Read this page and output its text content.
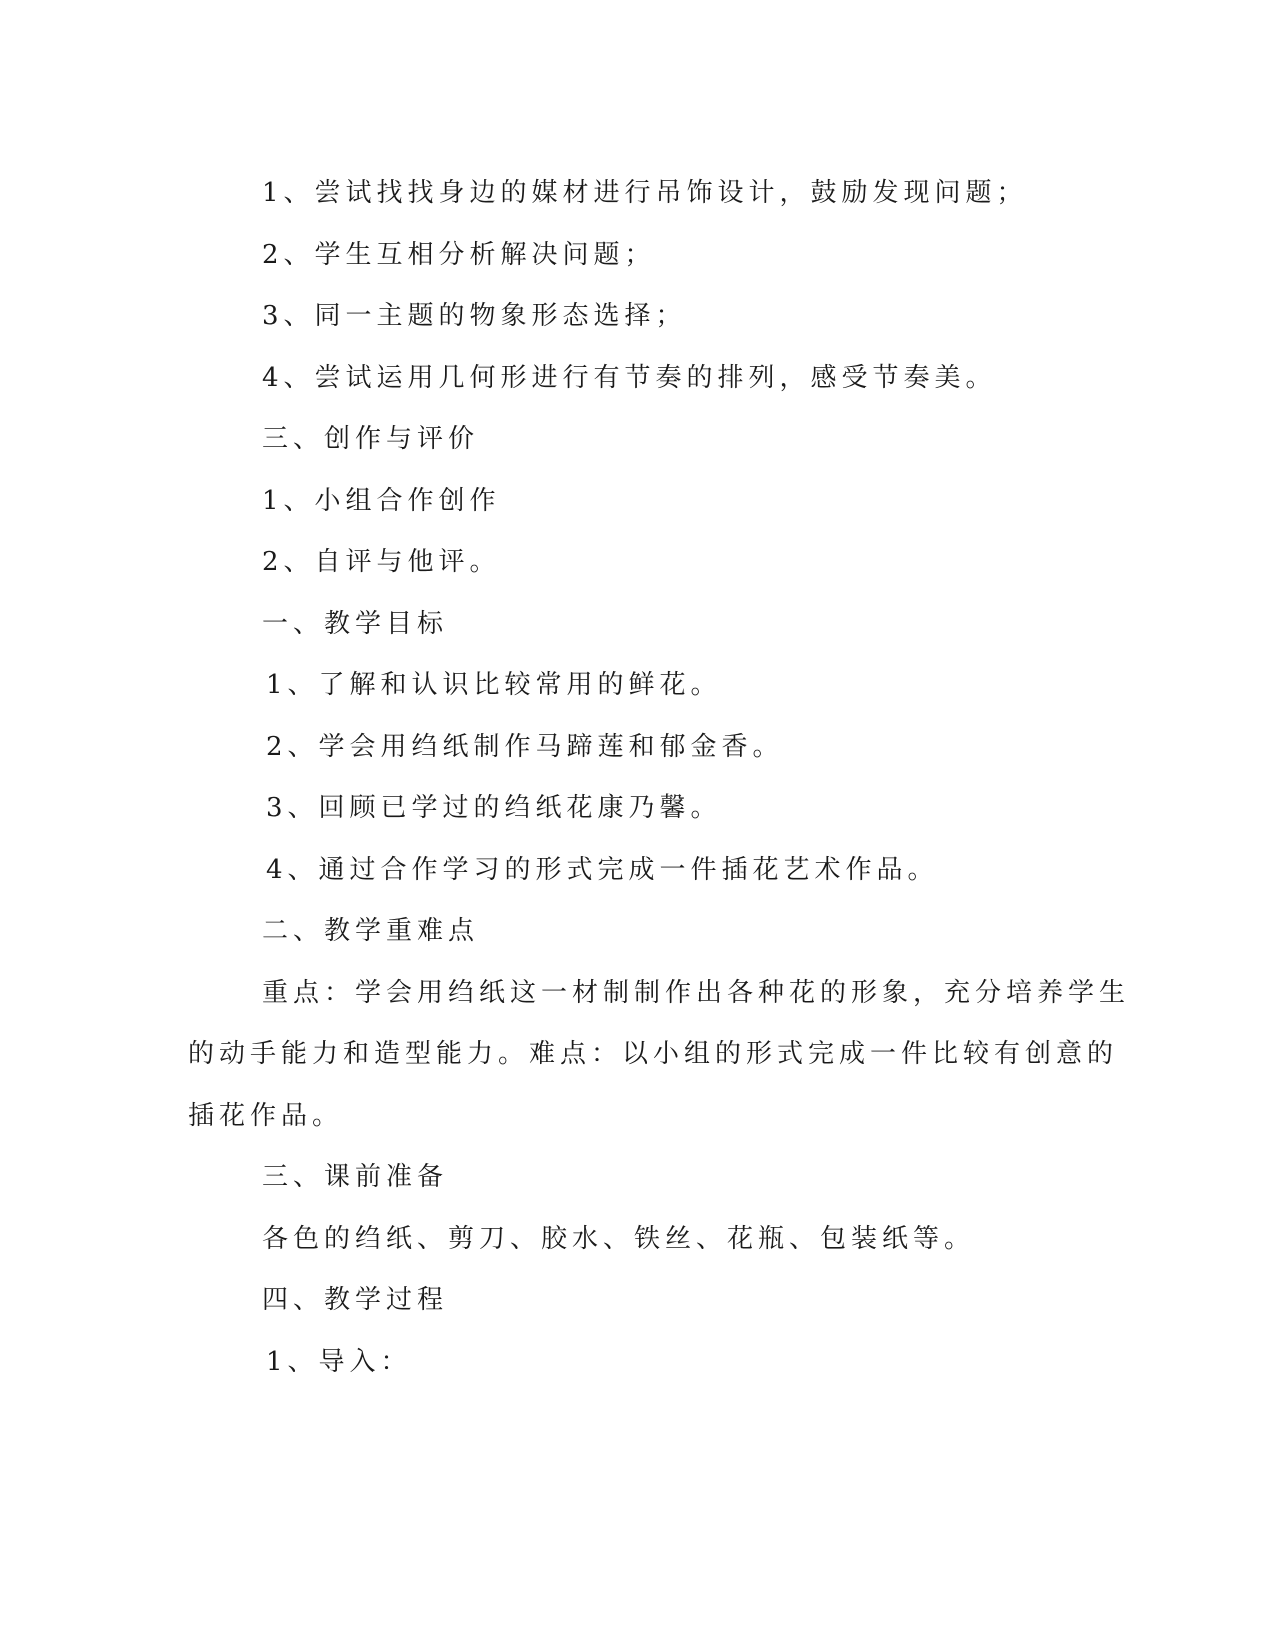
1、尝试找找身边的媒材进行吊饰设计，鼓励发现问题；
2、学生互相分析解决问题；
3、同一主题的物象形态选择；
4、尝试运用几何形进行有节奏的排列，感受节奏美。
三、创作与评价
1、小组合作创作
2、自评与他评。
一、教学目标
1、了解和认识比较常用的鲜花。
2、学会用绉纸制作马蹄莲和郁金香。
3、回顾已学过的绉纸花康乃馨。
4、通过合作学习的形式完成一件插花艺术作品。
二、教学重难点
重点：学会用绉纸这一材制制作出各种花的形象，充分培养学生
的动手能力和造型能力。难点：以小组的形式完成一件比较有创意的
插花作品。
三、课前准备
各色的绉纸、剪刀、胶水、铁丝、花瓶、包装纸等。
四、教学过程
1、导入：
